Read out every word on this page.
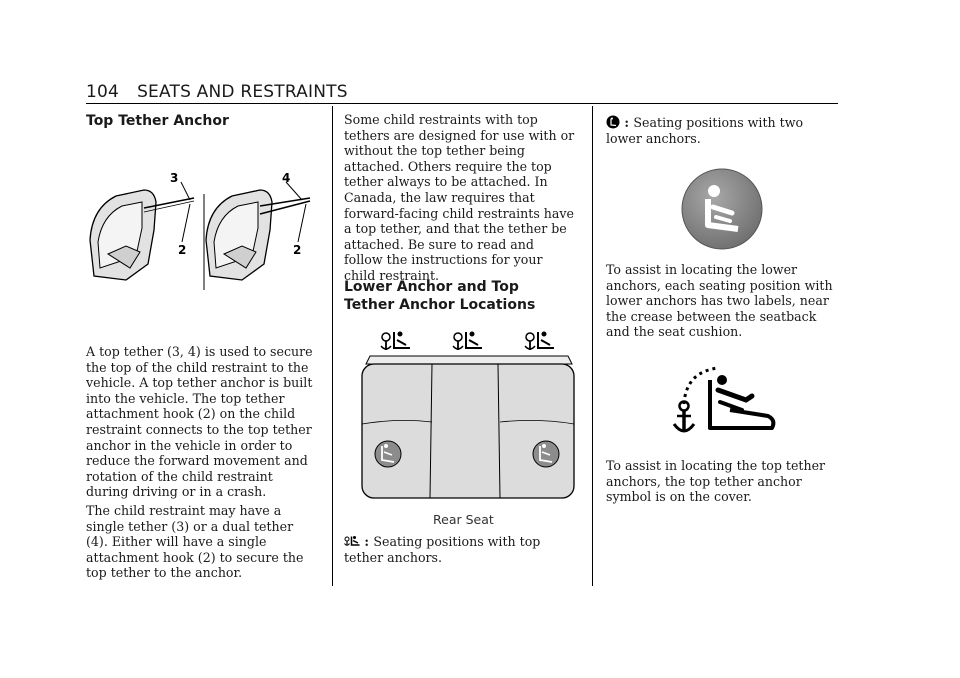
104 SEATS AND RESTRAINTS
Top Tether Anchor
3
2
4
2

A top tether (3, 4) is used to secure the top of the child restraint to the vehicle. A top tether anchor is built into the vehicle. The top tether attachment hook (2) on the child restraint connects to the top tether anchor in the vehicle in order to reduce the forward movement and rotation of the child restraint during driving or in a crash.

The child restraint may have a single tether (3) or a dual tether (4). Either will have a single attachment hook (2) to secure the top tether to the anchor.

Some child restraints with top tethers are designed for use with or without the top tether being attached. Others require the top tether always to be attached. In Canada, the law requires that forward-facing child restraints have a top tether, and that the tether be attached. Be sure to read and follow the instructions for your child restraint.

Lower Anchor and Top Tether Anchor Locations
Rear Seat
: Seating positions with top tether anchors.
: Seating positions with two lower anchors.

To assist in locating the lower anchors, each seating position with lower anchors has two labels, near the crease between the seatback and the seat cushion.

To assist in locating the top tether anchors, the top tether anchor symbol is on the cover.
